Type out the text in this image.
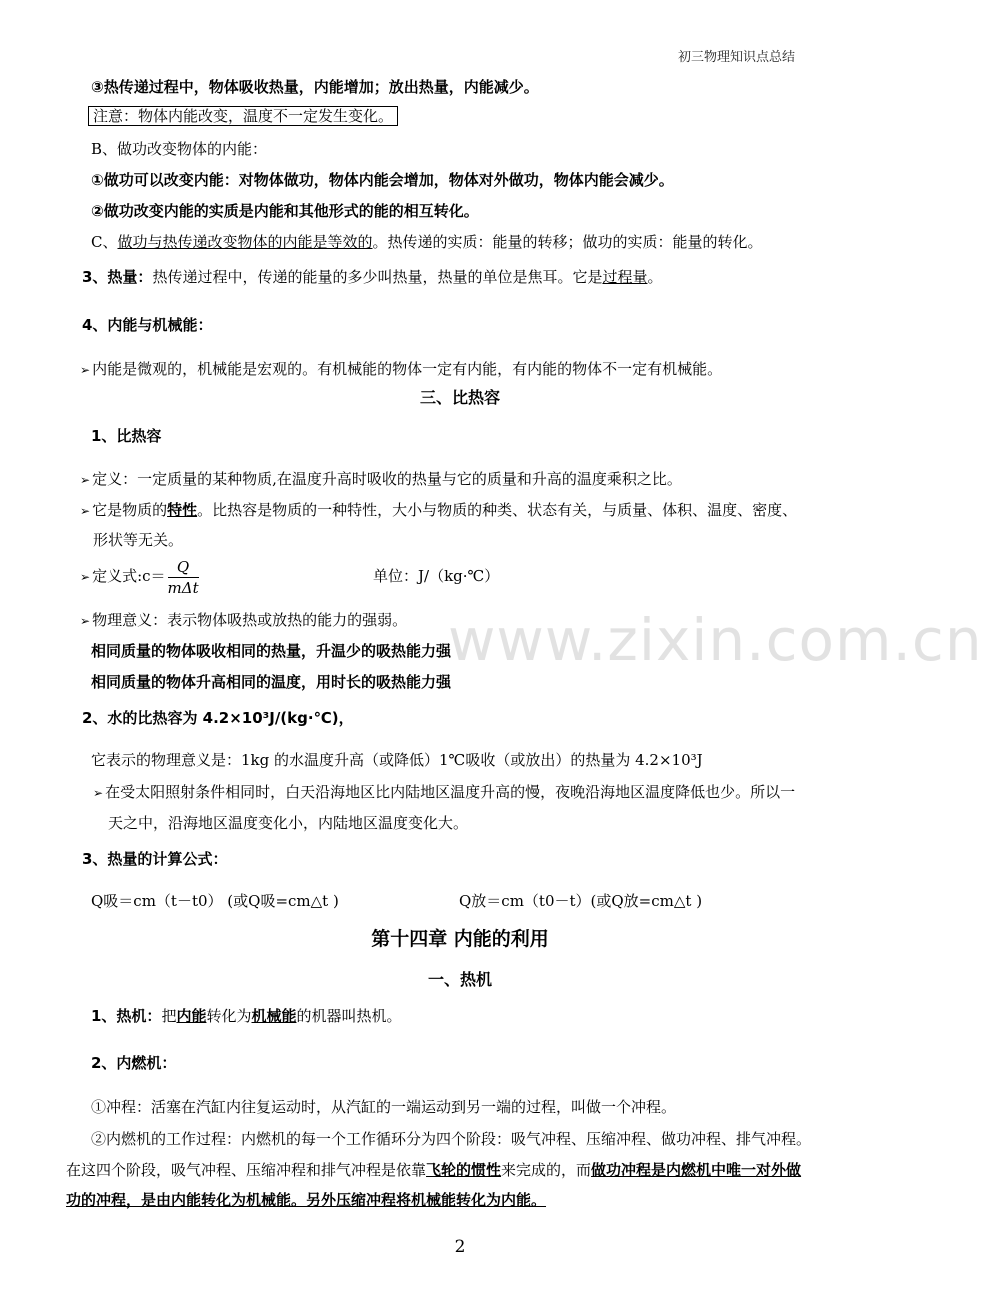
初三物理知识点总结
③热传递过程中，物体吸收热量，内能增加；放出热量，内能减少。
注意：物体内能改变，温度不一定发生变化。
B、做功改变物体的内能：
①做功可以改变内能：对物体做功，物体内能会增加，物体对外做功，物体内能会减少。
②做功改变内能的实质是内能和其他形式的能的相互转化。
C、做功与热传递改变物体的内能是等效的。热传递的实质：能量的转移；做功的实质：能量的转化。
3、热量：热传递过程中，传递的能量的多少叫热量，热量的单位是焦耳。它是过程量。
4、内能与机械能：
➢ 内能是微观的，机械能是宏观的。有机械能的物体一定有内能，有内能的物体不一定有机械能。
三、比热容
1、比热容
➢ 定义：一定质量的某种物质,在温度升高时吸收的热量与它的质量和升高的温度乘积之比。
➢ 它是物质的特性。比热容是物质的一种特性，大小与物质的种类、状态有关，与质量、体积、温度、密度、
形状等无关。
➢ 定义式:c＝ $\frac{Q}{\text{mΔt}}$	单位：J/（kg·℃）
➢ 物理意义：表示物体吸热或放热的能力的强弱。
相同质量的物体吸收相同的热量，升温少的吸热能力强
相同质量的物体升高相同的温度，用时长的吸热能力强
2、水的比热容为 4.2×10³J/(kg·℃)，
它表示的物理意义是：1kg 的水温度升高（或降低）1℃吸收（或放出）的热量为 4.2×10³J
➢ 在受太阳照射条件相同时，白天沿海地区比内陆地区温度升高的慢，夜晚沿海地区温度降低也少。所以一
天之中，沿海地区温度变化小，内陆地区温度变化大。
3、热量的计算公式：
Q吸＝cm（t－t0） (或Q吸=cm△t )	Q放＝cm（t0－t）(或Q放=cm△t )
第十四章 内能的利用
一、热机
1、热机：把内能转化为机械能的机器叫热机。
2、内燃机：
①冲程：活塞在汽缸内往复运动时，从汽缸的一端运动到另一端的过程，叫做一个冲程。
②内燃机的工作过程：内燃机的每一个工作循环分为四个阶段：吸气冲程、压缩冲程、做功冲程、排气冲程。
在这四个阶段，吸气冲程、压缩冲程和排气冲程是依靠飞轮的惯性来完成的，而做功冲程是内燃机中唯一对外做
功的冲程，是由内能转化为机械能。另外压缩冲程将机械能转化为内能。
www.zixin.com.cn
2
